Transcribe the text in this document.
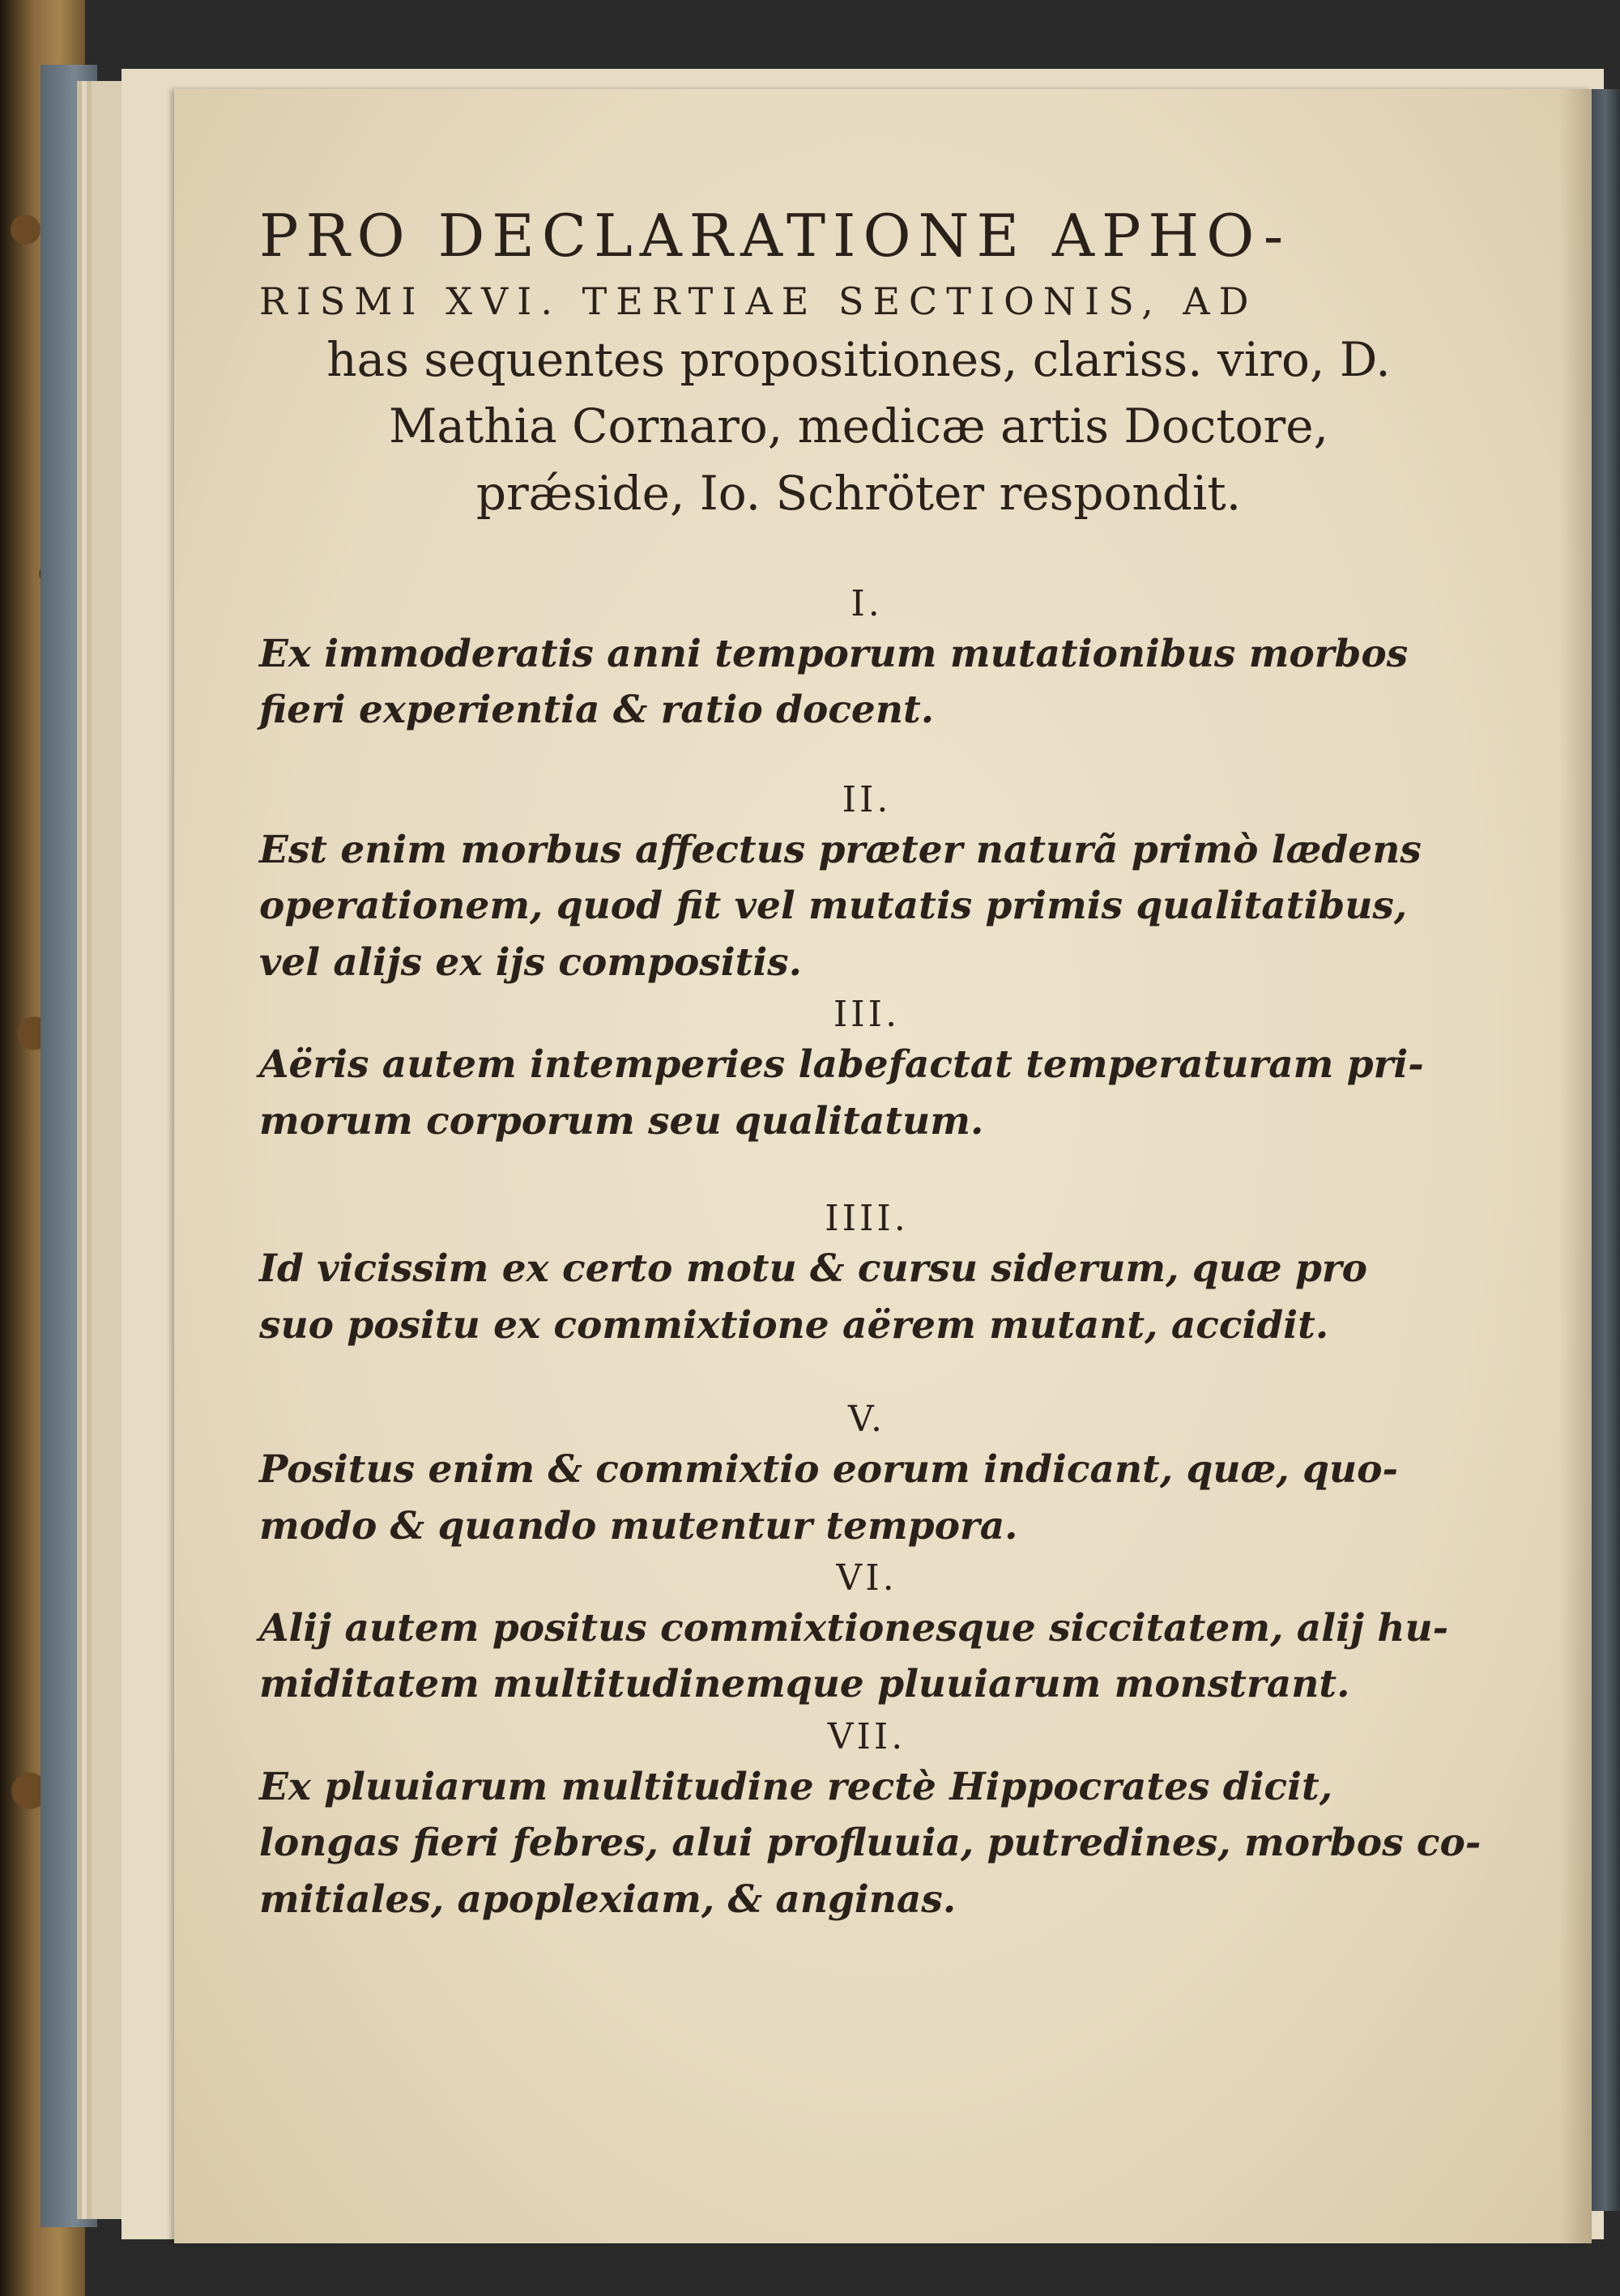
PRO DECLARATIONE APHO-
RISMI XVI. TERTIAE SECTIONIS, AD
has sequentes propositiones, clariss. viro, D.
Mathia Cornaro, medicæ artis Doctore,
prǽside, Io. Schröter respondit.
I.
Ex immoderatis anni temporum mutationibus morbos
fieri experientia & ratio docent.
II.
Est enim morbus affectus præter naturã primò lædens
operationem, quod fit vel mutatis primis qualitatibus,
vel alijs ex ijs compositis.
III.
Aëris autem intemperies labefactat temperaturam pri-
morum corporum seu qualitatum.
IIII.
Id vicissim ex certo motu & cursu siderum, quæ pro
suo positu ex commixtione aërem mutant, accidit.
V.
Positus enim & commixtio eorum indicant, quæ, quo-
modo & quando mutentur tempora.
VI.
Alij autem positus commixtionesque siccitatem, alij hu-
miditatem multitudinemque pluuiarum monstrant.
VII.
Ex pluuiarum multitudine rectè Hippocrates dicit,
longas fieri febres, alui profluuia, putredines, morbos co-
mitiales, apoplexiam, & anginas.
